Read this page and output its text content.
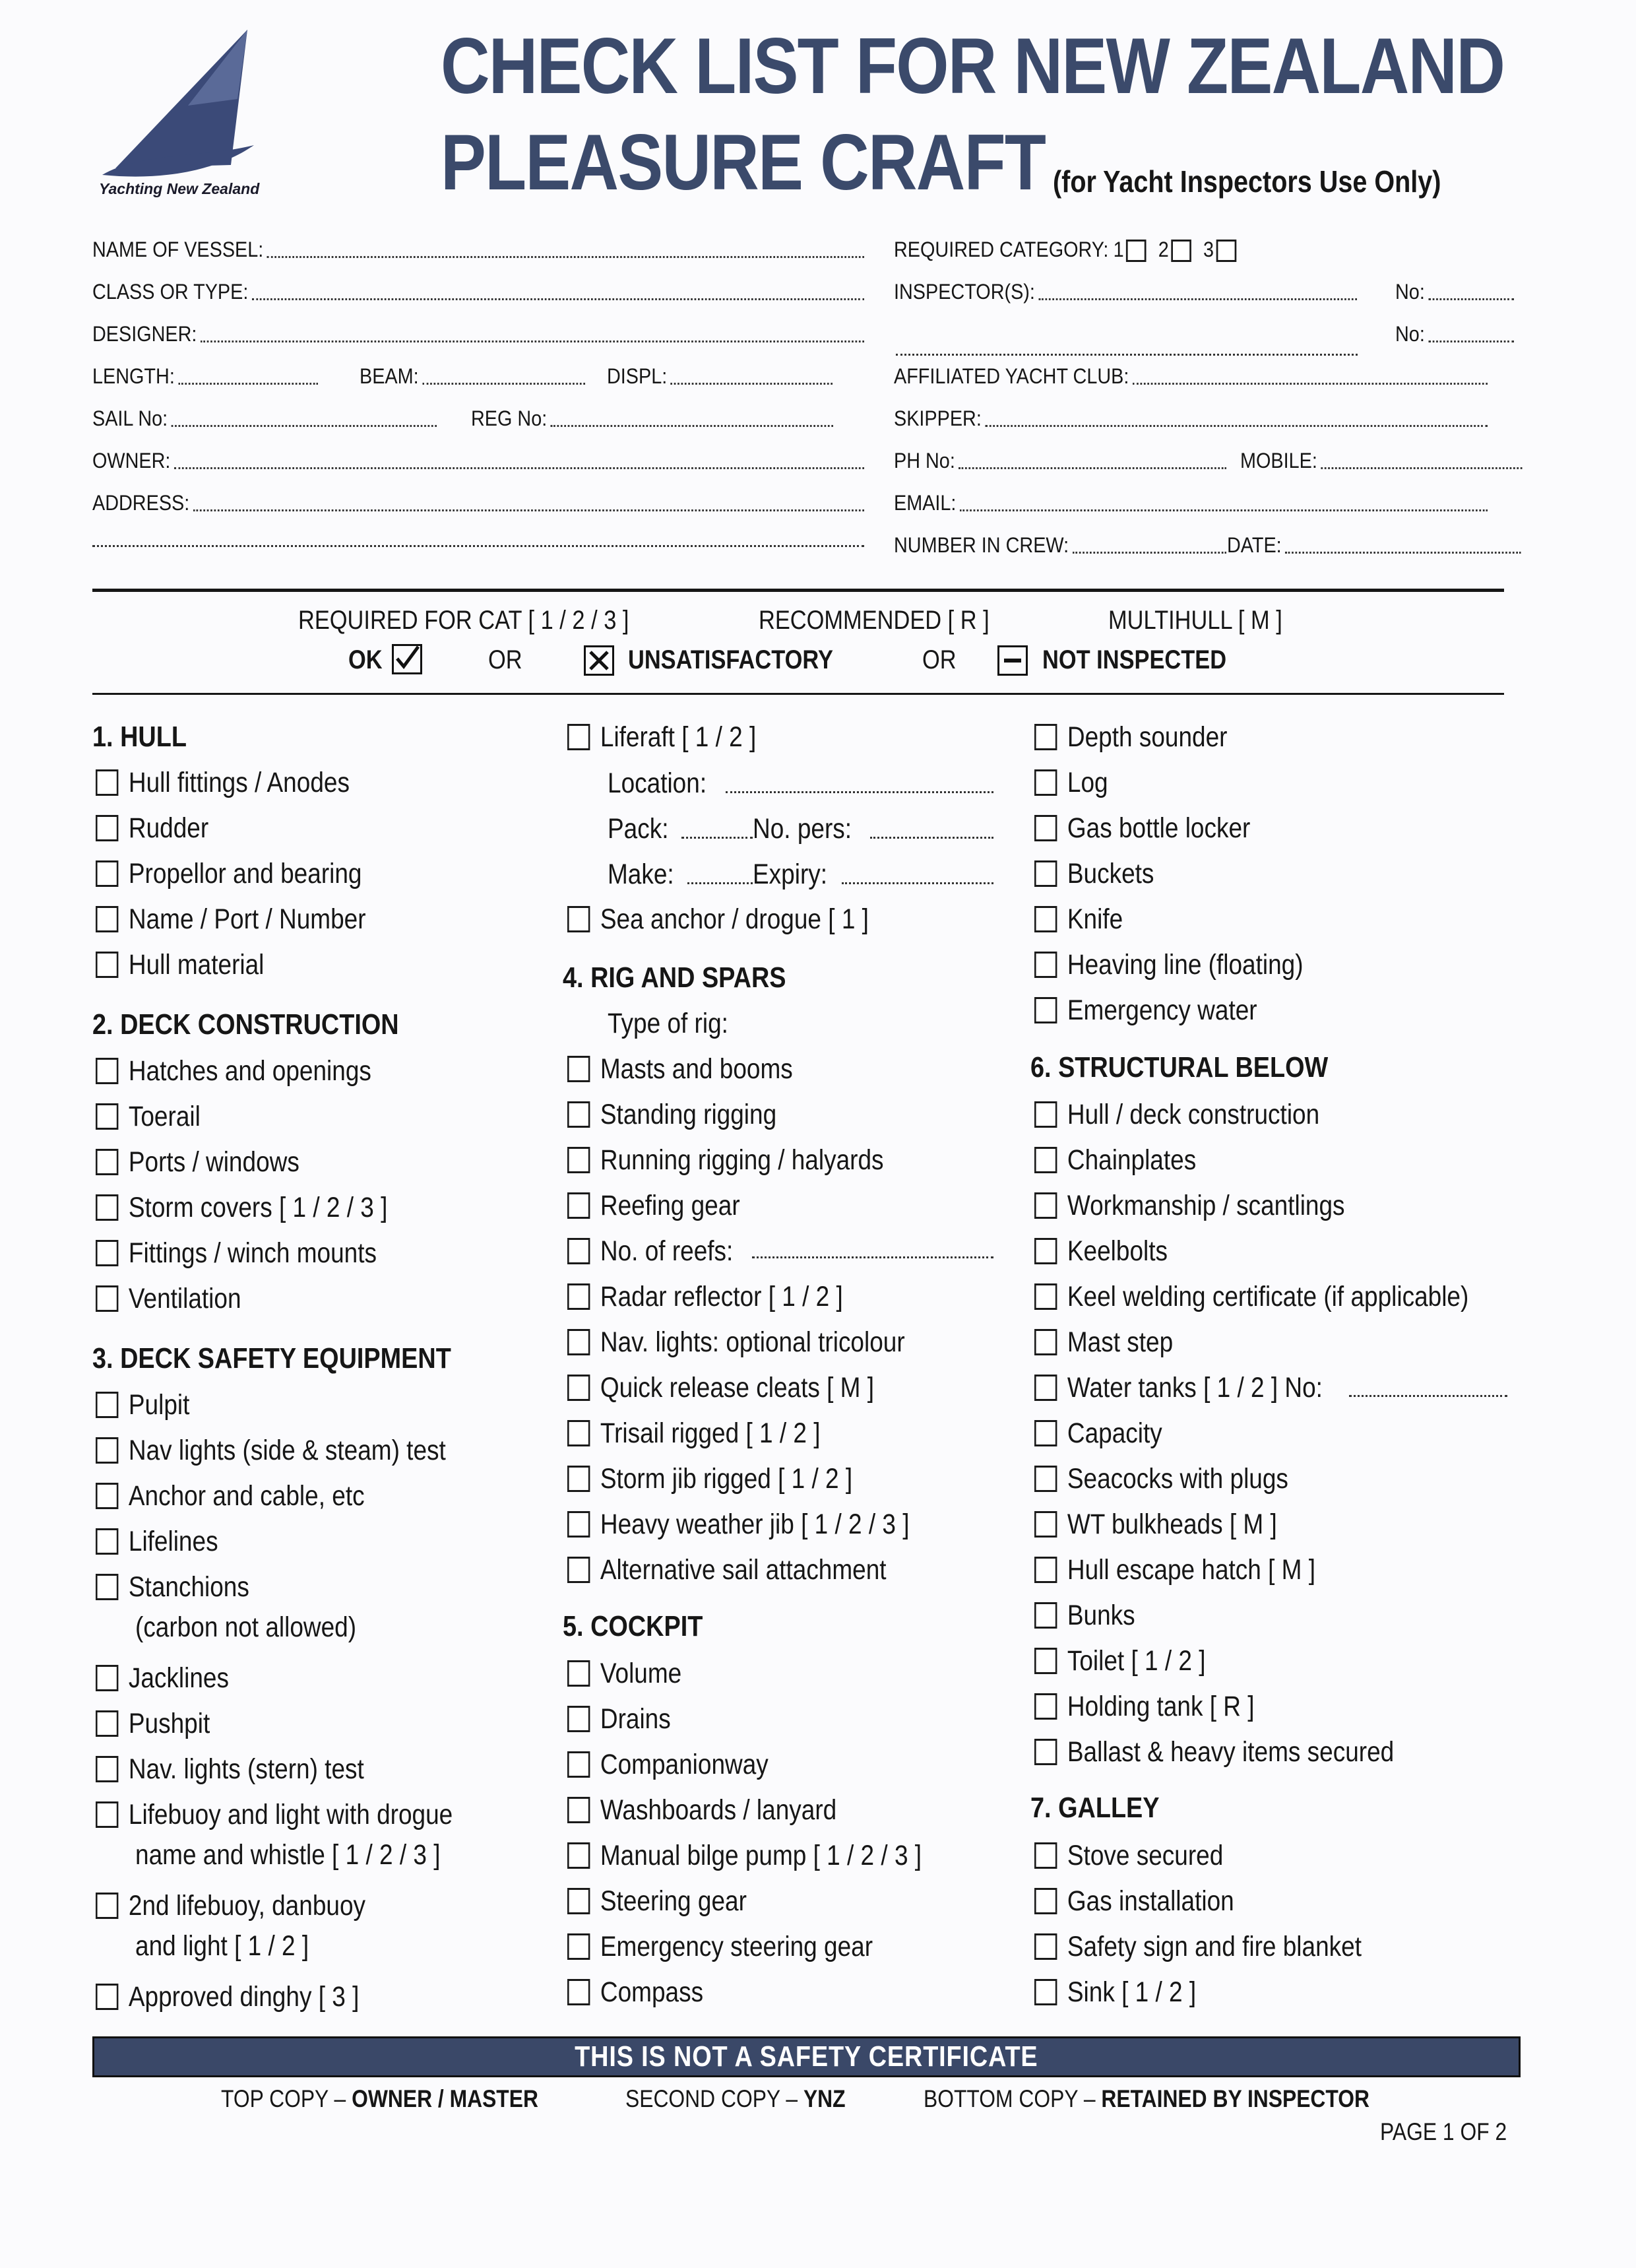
Yachting New Zealand
CHECK LIST FOR NEW ZEALAND
PLEASURE CRAFT (for Yacht Inspectors Use Only)
NAME OF VESSEL:
CLASS OR TYPE:
DESIGNER:
LENGTH:	BEAM:	DISPL:
SAIL No:	REG No:
OWNER:
ADDRESS:
REQUIRED CATEGORY: 1 2 3
INSPECTOR(S):	No:
No:
AFFILIATED YACHT CLUB:
SKIPPER:
PH No:	MOBILE:
EMAIL:
NUMBER IN CREW:	DATE:
REQUIRED FOR CAT [ 1 / 2 / 3 ]	RECOMMENDED [ R ]	MULTIHULL [ M ]
OK	OR	UNSATISFACTORY	OR	NOT INSPECTED
1. HULL
Hull fittings / Anodes
Rudder
Propellor and bearing
Name / Port / Number
Hull material
2. DECK CONSTRUCTION
Hatches and openings
Toerail
Ports / windows
Storm covers [ 1 / 2 / 3 ]
Fittings / winch mounts
Ventilation
3. DECK SAFETY EQUIPMENT
Pulpit
Nav lights (side & steam) test
Anchor and cable, etc
Lifelines
Stanchions
(carbon not allowed)
Jacklines
Pushpit
Nav. lights (stern) test
Lifebuoy and light with drogue
name and whistle [ 1 / 2 / 3 ]
2nd lifebuoy, danbuoy
and light [ 1 / 2 ]
Approved dinghy [ 3 ]
Liferaft [ 1 / 2 ]
Location:
Pack:	No. pers:
Make:	Expiry:
Sea anchor / drogue [ 1 ]
4. RIG AND SPARS
Type of rig:
Masts and booms
Standing rigging
Running rigging / halyards
Reefing gear
No. of reefs:
Radar reflector [ 1 / 2 ]
Nav. lights: optional tricolour
Quick release cleats [ M ]
Trisail rigged [ 1 / 2 ]
Storm jib rigged [ 1 / 2 ]
Heavy weather jib [ 1 / 2 / 3 ]
Alternative sail attachment
5. COCKPIT
Volume
Drains
Companionway
Washboards / lanyard
Manual bilge pump [ 1 / 2 / 3 ]
Steering gear
Emergency steering gear
Compass
Depth sounder
Log
Gas bottle locker
Buckets
Knife
Heaving line (floating)
Emergency water
6. STRUCTURAL BELOW
Hull / deck construction
Chainplates
Workmanship / scantlings
Keelbolts
Keel welding certificate (if applicable)
Mast step
Water tanks [ 1 / 2 ] No:
Capacity
Seacocks with plugs
WT bulkheads [ M ]
Hull escape hatch [ M ]
Bunks
Toilet [ 1 / 2 ]
Holding tank [ R ]
Ballast & heavy items secured
7. GALLEY
Stove secured
Gas installation
Safety sign and fire blanket
Sink [ 1 / 2 ]
THIS IS NOT A SAFETY CERTIFICATE
TOP COPY – OWNER / MASTER	SECOND COPY – YNZ	BOTTOM COPY – RETAINED BY INSPECTOR
PAGE 1 OF 2
